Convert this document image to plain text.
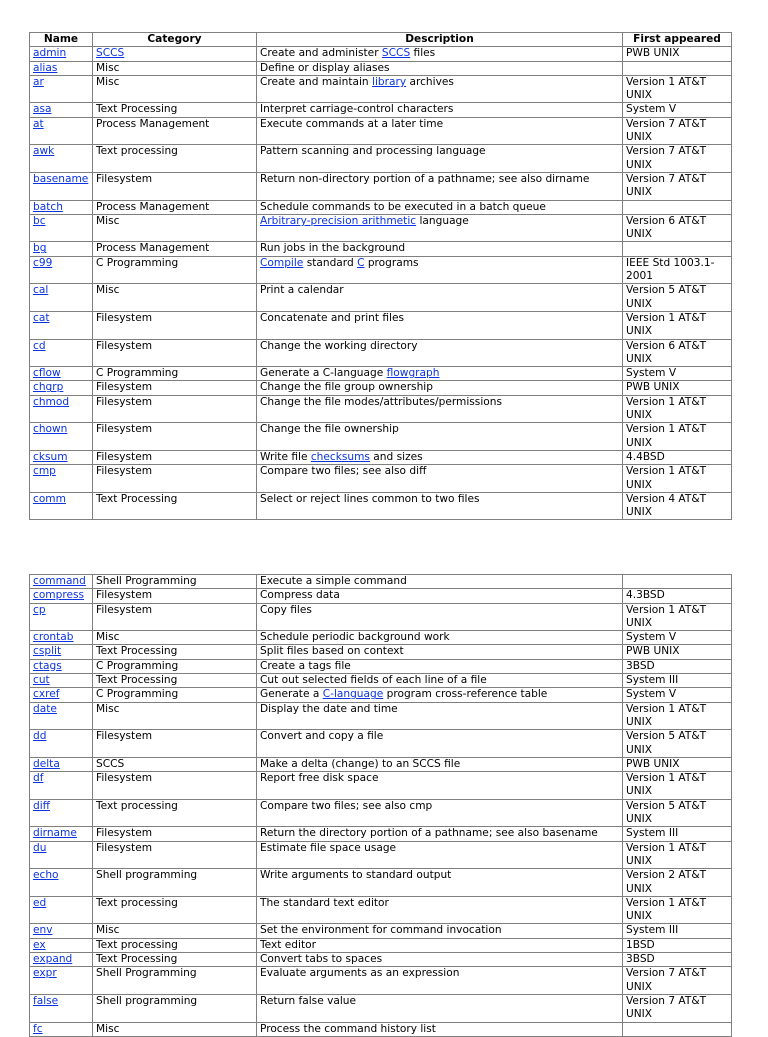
Name	Category	Description	First appeared
admin	SCCS	Create and administer SCCS files	PWB UNIX
alias	Misc	Define or display aliases	
ar	Misc	Create and maintain library archives	Version 1 AT&T UNIX
asa	Text Processing	Interpret carriage-control characters	System V
at	Process Management	Execute commands at a later time	Version 7 AT&T UNIX
awk	Text processing	Pattern scanning and processing language	Version 7 AT&T UNIX
basename	Filesystem	Return non-directory portion of a pathname; see also dirname	Version 7 AT&T UNIX
batch	Process Management	Schedule commands to be executed in a batch queue	
bc	Misc	Arbitrary-precision arithmetic language	Version 6 AT&T UNIX
bg	Process Management	Run jobs in the background	
c99	C Programming	Compile standard C programs	IEEE Std 1003.1-2001
cal	Misc	Print a calendar	Version 5 AT&T UNIX
cat	Filesystem	Concatenate and print files	Version 1 AT&T UNIX
cd	Filesystem	Change the working directory	Version 6 AT&T UNIX
cflow	C Programming	Generate a C-language flowgraph	System V
chgrp	Filesystem	Change the file group ownership	PWB UNIX
chmod	Filesystem	Change the file modes/attributes/permissions	Version 1 AT&T UNIX
chown	Filesystem	Change the file ownership	Version 1 AT&T UNIX
cksum	Filesystem	Write file checksums and sizes	4.4BSD
cmp	Filesystem	Compare two files; see also diff	Version 1 AT&T UNIX
comm	Text Processing	Select or reject lines common to two files	Version 4 AT&T UNIX
command	Shell Programming	Execute a simple command	
compress	Filesystem	Compress data	4.3BSD
cp	Filesystem	Copy files	Version 1 AT&T UNIX
crontab	Misc	Schedule periodic background work	System V
csplit	Text Processing	Split files based on context	PWB UNIX
ctags	C Programming	Create a tags file	3BSD
cut	Text Processing	Cut out selected fields of each line of a file	System III
cxref	C Programming	Generate a C-language program cross-reference table	System V
date	Misc	Display the date and time	Version 1 AT&T UNIX
dd	Filesystem	Convert and copy a file	Version 5 AT&T UNIX
delta	SCCS	Make a delta (change) to an SCCS file	PWB UNIX
df	Filesystem	Report free disk space	Version 1 AT&T UNIX
diff	Text processing	Compare two files; see also cmp	Version 5 AT&T UNIX
dirname	Filesystem	Return the directory portion of a pathname; see also basename	System III
du	Filesystem	Estimate file space usage	Version 1 AT&T UNIX
echo	Shell programming	Write arguments to standard output	Version 2 AT&T UNIX
ed	Text processing	The standard text editor	Version 1 AT&T UNIX
env	Misc	Set the environment for command invocation	System III
ex	Text processing	Text editor	1BSD
expand	Text Processing	Convert tabs to spaces	3BSD
expr	Shell Programming	Evaluate arguments as an expression	Version 7 AT&T UNIX
false	Shell programming	Return false value	Version 7 AT&T UNIX
fc	Misc	Process the command history list	
